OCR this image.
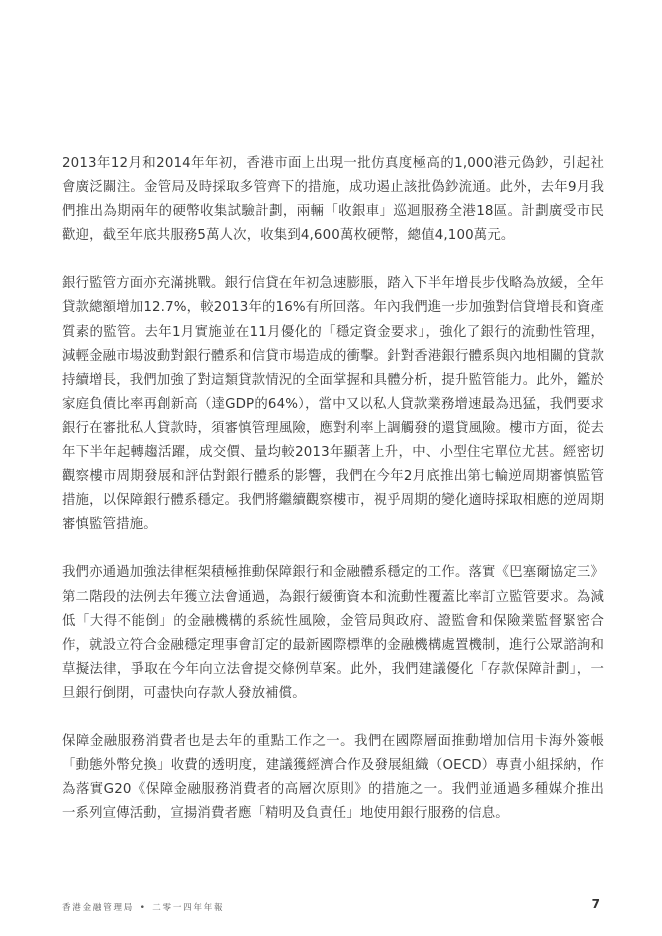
2013年12月和2014年年初，香港市面上出現一批仿真度極高的1,000港元偽鈔，引起社會廣泛關注。金管局及時採取多管齊下的措施，成功遏止該批偽鈔流通。此外，去年9月我們推出為期兩年的硬幣收集試驗計劃，兩輛「收銀車」巡迴服務全港18區。計劃廣受市民歡迎，截至年底共服務5萬人次，收集到4,600萬枚硬幣，總值4,100萬元。

銀行監管方面亦充滿挑戰。銀行信貸在年初急速膨脹，踏入下半年增長步伐略為放緩，全年貸款總額增加12.7%，較2013年的16%有所回落。年內我們進一步加強對信貸增長和資產質素的監管。去年1月實施並在11月優化的「穩定資金要求」，強化了銀行的流動性管理，減輕金融市場波動對銀行體系和信貸市場造成的衝擊。針對香港銀行體系與內地相關的貸款持續增長，我們加強了對這類貸款情況的全面掌握和具體分析，提升監管能力。此外，鑑於家庭負債比率再創新高（達GDP的64%），當中又以私人貸款業務增速最為迅猛，我們要求銀行在審批私人貸款時，須審慎管理風險，應對利率上調觸發的還貸風險。樓市方面，從去年下半年起轉趨活躍，成交價、量均較2013年顯著上升，中、小型住宅單位尤甚。經密切觀察樓市周期發展和評估對銀行體系的影響，我們在今年2月底推出第七輪逆周期審慎監管措施，以保障銀行體系穩定。我們將繼續觀察樓市，視乎周期的變化適時採取相應的逆周期審慎監管措施。

我們亦通過加強法律框架積極推動保障銀行和金融體系穩定的工作。落實《巴塞爾協定三》第二階段的法例去年獲立法會通過，為銀行緩衝資本和流動性覆蓋比率訂立監管要求。為減低「大得不能倒」的金融機構的系統性風險，金管局與政府、證監會和保險業監督緊密合作，就設立符合金融穩定理事會訂定的最新國際標準的金融機構處置機制，進行公眾諮詢和草擬法律，爭取在今年向立法會提交條例草案。此外，我們建議優化「存款保障計劃」，一旦銀行倒閉，可盡快向存款人發放補償。

保障金融服務消費者也是去年的重點工作之一。我們在國際層面推動增加信用卡海外簽帳「動態外幣兌換」收費的透明度，建議獲經濟合作及發展組織（OECD）專責小組採納，作為落實G20《保障金融服務消費者的高層次原則》的措施之一。我們並通過多種媒介推出一系列宣傳活動，宣揚消費者應「精明及負責任」地使用銀行服務的信息。

香港金融管理局 • 二零一四年年報	7
